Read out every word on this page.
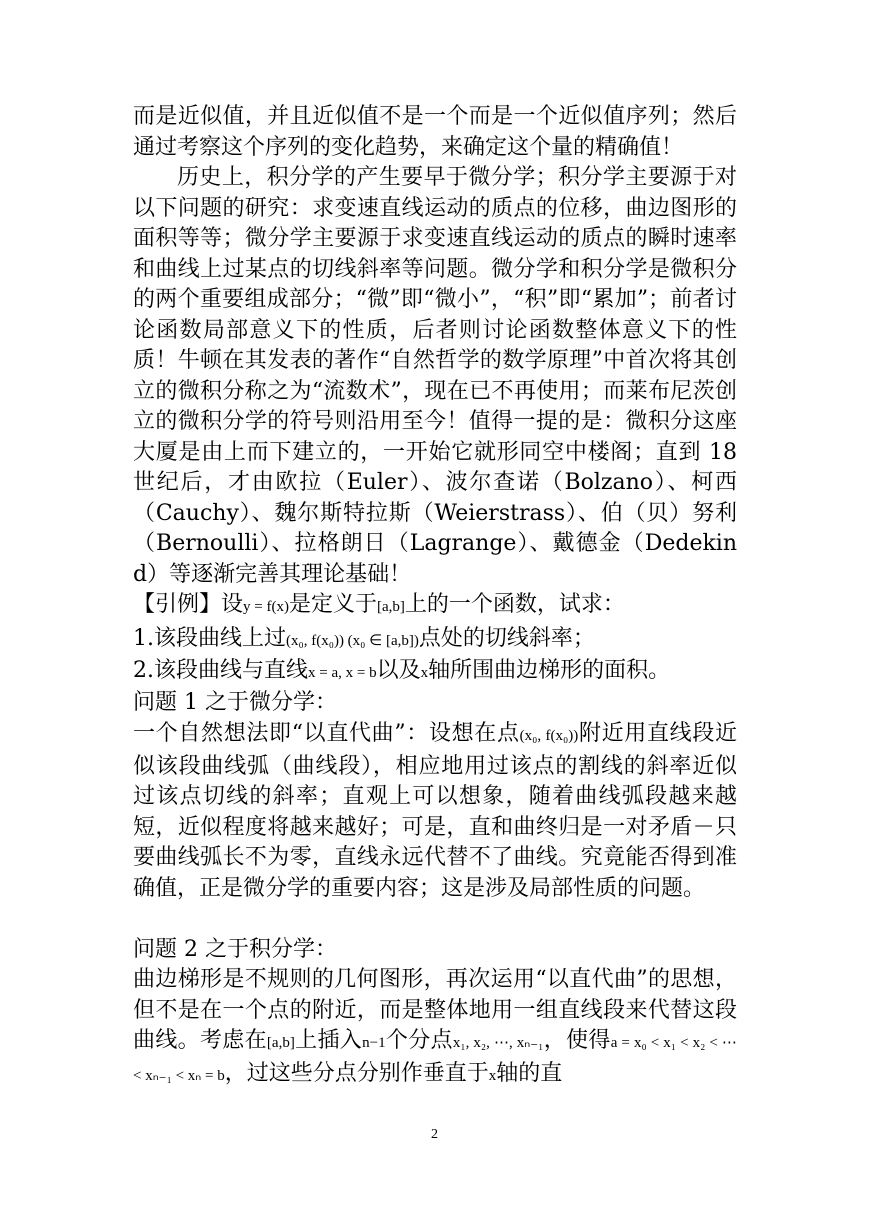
而是近似值，并且近似值不是一个而是一个近似值序列；然后通过考察这个序列的变化趋势，来确定这个量的精确值！

历史上，积分学的产生要早于微分学；积分学主要源于对以下问题的研究：求变速直线运动的质点的位移，曲边图形的面积等等；微分学主要源于求变速直线运动的质点的瞬时速率和曲线上过某点的切线斜率等问题。微分学和积分学是微积分的两个重要组成部分；“微”即“微小”，“积”即“累加”；前者讨论函数局部意义下的性质，后者则讨论函数整体意义下的性质！牛顿在其发表的著作“自然哲学的数学原理”中首次将其创立的微积分称之为“流数术”，现在已不再使用；而莱布尼茨创立的微积分学的符号则沿用至今！值得一提的是：微积分这座大厦是由上而下建立的，一开始它就形同空中楼阁；直到 18 世纪后，才由欧拉（Euler）、波尔查诺（Bolzano）、柯西（Cauchy）、魏尔斯特拉斯（Weierstrass）、伯（贝）努利（Bernoulli）、拉格朗日（Lagrange）、戴德金（Dedekind）等逐渐完善其理论基础！

【引例】设y = f(x)是定义于[a,b]上的一个函数，试求：

1.该段曲线上过(x₀, f(x₀)) (x₀ ∈ [a,b])点处的切线斜率；

2.该段曲线与直线x = a, x = b以及x轴所围曲边梯形的面积。

问题 1 之于微分学：

一个自然想法即“以直代曲”：设想在点(x₀, f(x₀))附近用直线段近似该段曲线弧（曲线段），相应地用过该点的割线的斜率近似过该点切线的斜率；直观上可以想象，随着曲线弧段越来越短，近似程度将越来越好；可是，直和曲终归是一对矛盾－只要曲线弧长不为零，直线永远代替不了曲线。究竟能否得到准确值，正是微分学的重要内容；这是涉及局部性质的问题。

问题 2 之于积分学：

曲边梯形是不规则的几何图形，再次运用“以直代曲”的思想，但不是在一个点的附近，而是整体地用一组直线段来代替这段曲线。考虑在[a,b]上插入n−1个分点x₁, x₂, ⋯, xₙ₋₁，使得a = x₀ < x₁ < x₂ < ⋯ < xₙ₋₁ < xₙ = b，过这些分点分别作垂直于x轴的直

2
